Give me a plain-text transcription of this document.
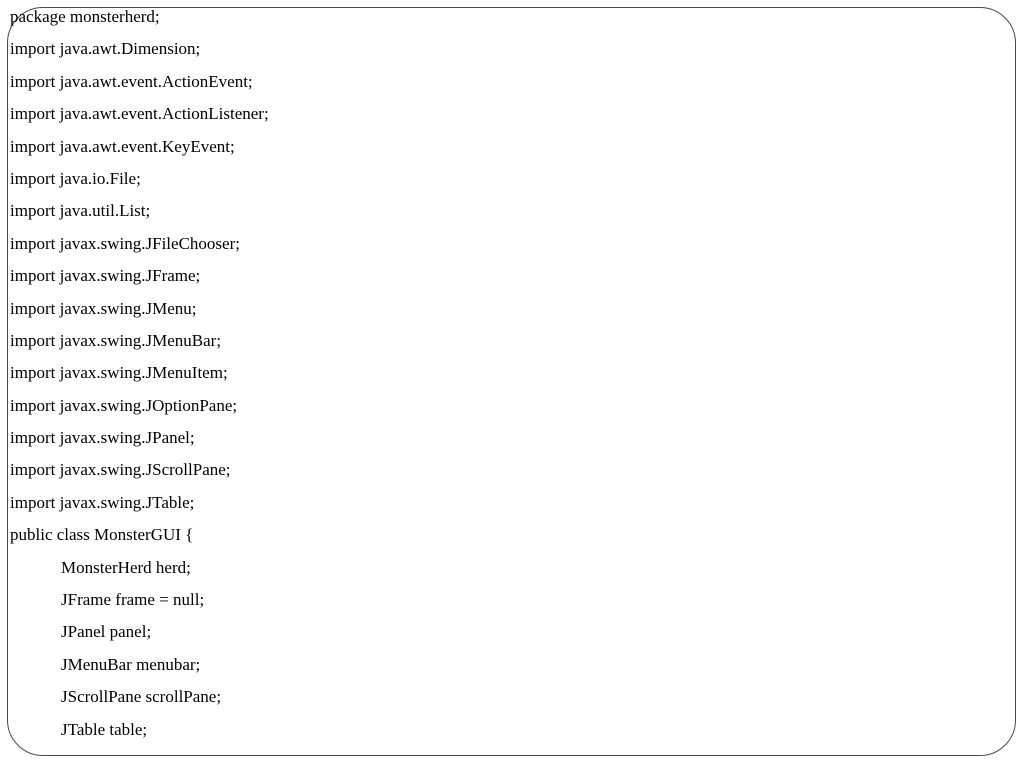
package monsterherd;
import java.awt.Dimension;
import java.awt.event.ActionEvent;
import java.awt.event.ActionListener;
import java.awt.event.KeyEvent;
import java.io.File;
import java.util.List;
import javax.swing.JFileChooser;
import javax.swing.JFrame;
import javax.swing.JMenu;
import javax.swing.JMenuBar;
import javax.swing.JMenuItem;
import javax.swing.JOptionPane;
import javax.swing.JPanel;
import javax.swing.JScrollPane;
import javax.swing.JTable;
public class MonsterGUI {
MonsterHerd herd;
JFrame frame = null;
JPanel panel;
JMenuBar menubar;
JScrollPane scrollPane;
JTable table;
